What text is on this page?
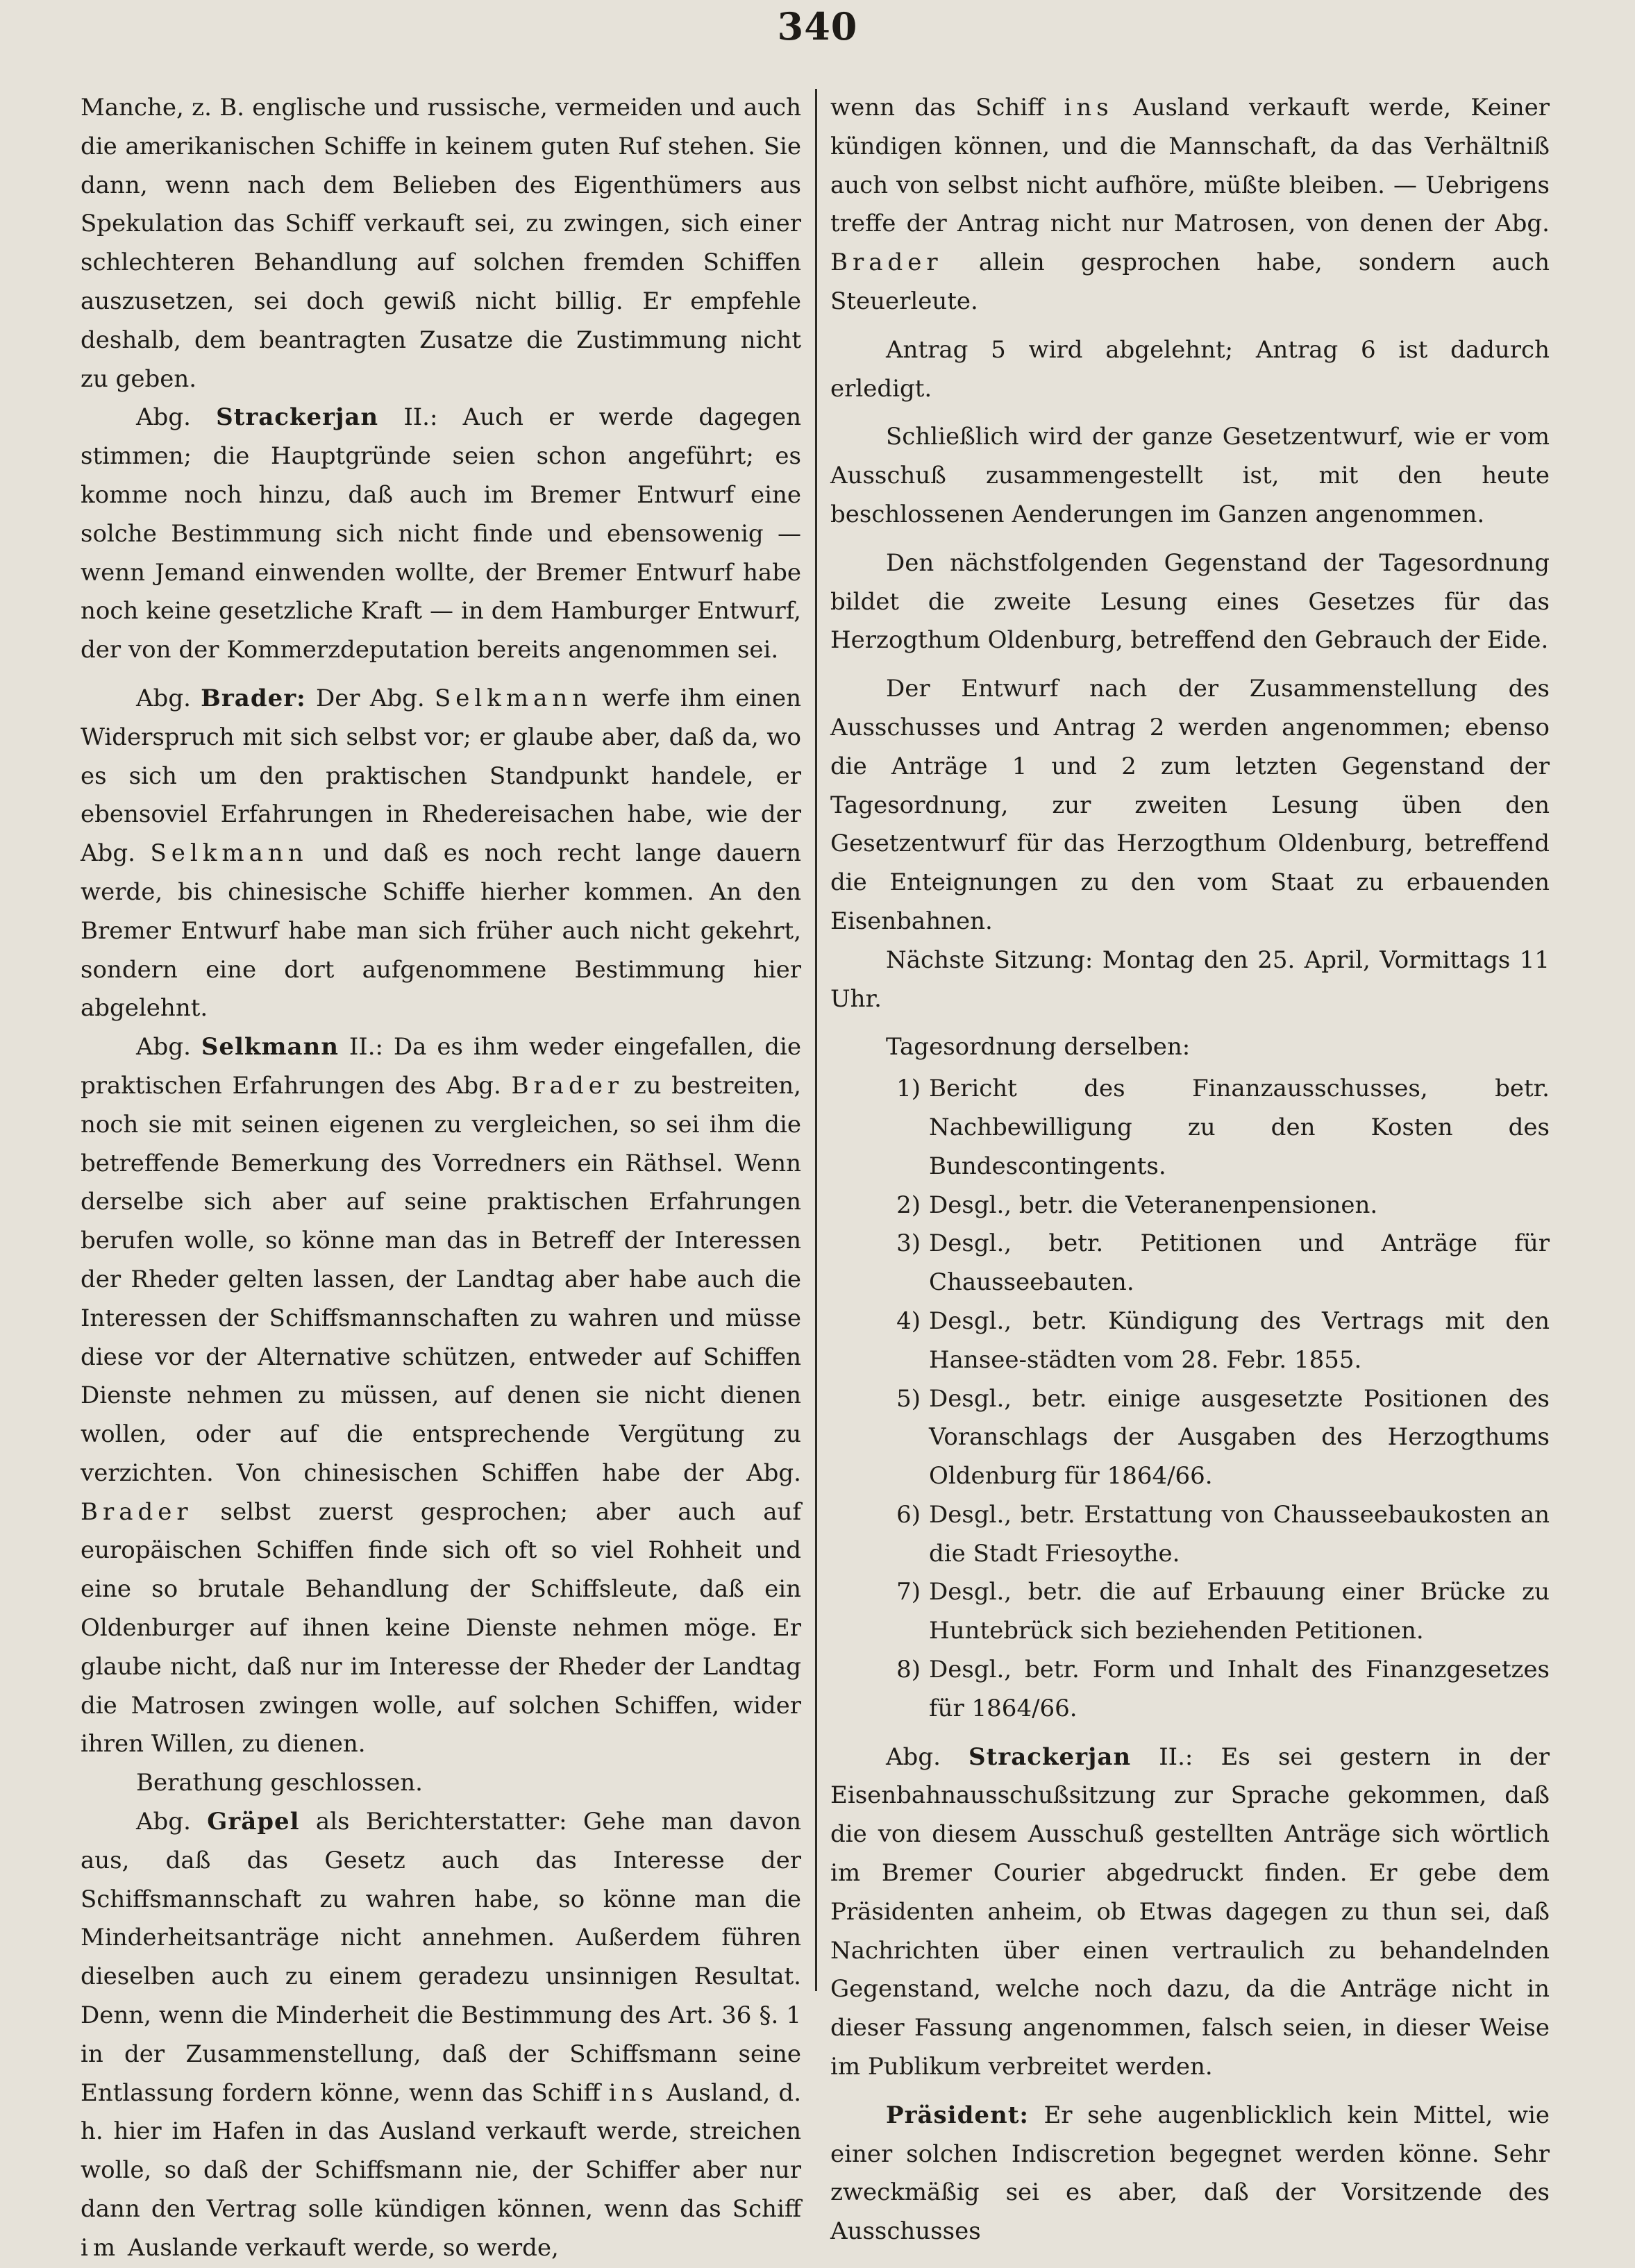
340

Manche, z. B. englische und russische, vermeiden und auch die amerikanischen Schiffe in keinem guten Ruf stehen. Sie dann, wenn nach dem Belieben des Eigenthümers aus Spekulation das Schiff verkauft sei, zu zwingen, sich einer schlechteren Behandlung auf solchen fremden Schiffen auszusetzen, sei doch gewiß nicht billig. Er empfehle deshalb, dem beantragten Zusatze die Zustimmung nicht zu geben.

Abg. Strackerjan II.: Auch er werde dagegen stimmen; die Hauptgründe seien schon angeführt; es komme noch hinzu, daß auch im Bremer Entwurf eine solche Bestimmung sich nicht finde und ebensowenig — wenn Jemand einwenden wollte, der Bremer Entwurf habe noch keine gesetzliche Kraft — in dem Hamburger Entwurf, der von der Kommerzdeputation bereits angenommen sei.

Abg. Brader: Der Abg. Selkmann werfe ihm einen Widerspruch mit sich selbst vor; er glaube aber, daß da, wo es sich um den praktischen Standpunkt handele, er ebensoviel Erfahrungen in Rhedereisachen habe, wie der Abg. Selkmann und daß es noch recht lange dauern werde, bis chinesische Schiffe hierher kommen. An den Bremer Entwurf habe man sich früher auch nicht gekehrt, sondern eine dort aufgenommene Bestimmung hier abgelehnt.

Abg. Selkmann II.: Da es ihm weder eingefallen, die praktischen Erfahrungen des Abg. Brader zu bestreiten, noch sie mit seinen eigenen zu vergleichen, so sei ihm die betreffende Bemerkung des Vorredners ein Räthsel. Wenn derselbe sich aber auf seine praktischen Erfahrungen berufen wolle, so könne man das in Betreff der Interessen der Rheder gelten lassen, der Landtag aber habe auch die Interessen der Schiffsmannschaften zu wahren und müsse diese vor der Alternative schützen, entweder auf Schiffen Dienste nehmen zu müssen, auf denen sie nicht dienen wollen, oder auf die entsprechende Vergütung zu verzichten. Von chinesischen Schiffen habe der Abg. Brader selbst zuerst gesprochen; aber auch auf europäischen Schiffen finde sich oft so viel Rohheit und eine so brutale Behandlung der Schiffsleute, daß ein Oldenburger auf ihnen keine Dienste nehmen möge. Er glaube nicht, daß nur im Interesse der Rheder der Landtag die Matrosen zwingen wolle, auf solchen Schiffen, wider ihren Willen, zu dienen.

Berathung geschlossen.

Abg. Gräpel als Berichterstatter: Gehe man davon aus, daß das Gesetz auch das Interesse der Schiffsmannschaft zu wahren habe, so könne man die Minderheitsanträge nicht annehmen. Außerdem führen dieselben auch zu einem geradezu unsinnigen Resultat. Denn, wenn die Minderheit die Bestimmung des Art. 36 §. 1 in der Zusammenstellung, daß der Schiffsmann seine Entlassung fordern könne, wenn das Schiff ins Ausland, d. h. hier im Hafen in das Ausland verkauft werde, streichen wolle, so daß der Schiffsmann nie, der Schiffer aber nur dann den Vertrag solle kündigen können, wenn das Schiff im Auslande verkauft werde, so werde,

wenn das Schiff ins Ausland verkauft werde, Keiner kündigen können, und die Mannschaft, da das Verhältniß auch von selbst nicht aufhöre, müßte bleiben. — Uebrigens treffe der Antrag nicht nur Matrosen, von denen der Abg. Brader allein gesprochen habe, sondern auch Steuerleute.

Antrag 5 wird abgelehnt; Antrag 6 ist dadurch erledigt.

Schließlich wird der ganze Gesetzentwurf, wie er vom Ausschuß zusammengestellt ist, mit den heute beschlossenen Aenderungen im Ganzen angenommen.

Den nächstfolgenden Gegenstand der Tagesordnung bildet die zweite Lesung eines Gesetzes für das Herzogthum Oldenburg, betreffend den Gebrauch der Eide.

Der Entwurf nach der Zusammenstellung des Ausschusses und Antrag 2 werden angenommen; ebenso die Anträge 1 und 2 zum letzten Gegenstand der Tagesordnung, zur zweiten Lesung üben den Gesetzentwurf für das Herzogthum Oldenburg, betreffend die Enteignungen zu den vom Staat zu erbauenden Eisenbahnen.

Nächste Sitzung: Montag den 25. April, Vormittags 11 Uhr.

Tagesordnung derselben:

1) Bericht des Finanzausschusses, betr. Nachbewilligung zu den Kosten des Bundescontingents.
2) Desgl., betr. die Veteranenpensionen.
3) Desgl., betr. Petitionen und Anträge für Chausseebauten.
4) Desgl., betr. Kündigung des Vertrags mit den Hansee-städten vom 28. Febr. 1855.
5) Desgl., betr. einige ausgesetzte Positionen des Voranschlags der Ausgaben des Herzogthums Oldenburg für 1864/66.
6) Desgl., betr. Erstattung von Chausseebaukosten an die Stadt Friesoythe.
7) Desgl., betr. die auf Erbauung einer Brücke zu Huntebrück sich beziehenden Petitionen.
8) Desgl., betr. Form und Inhalt des Finanzgesetzes für 1864/66.

Abg. Strackerjan II.: Es sei gestern in der Eisenbahnausschußsitzung zur Sprache gekommen, daß die von diesem Ausschuß gestellten Anträge sich wörtlich im Bremer Courier abgedruckt finden. Er gebe dem Präsidenten anheim, ob Etwas dagegen zu thun sei, daß Nachrichten über einen vertraulich zu behandelnden Gegenstand, welche noch dazu, da die Anträge nicht in dieser Fassung angenommen, falsch seien, in dieser Weise im Publikum verbreitet werden.

Präsident: Er sehe augenblicklich kein Mittel, wie einer solchen Indiscretion begegnet werden könne. Sehr zweckmäßig sei es aber, daß der Vorsitzende des Ausschusses
